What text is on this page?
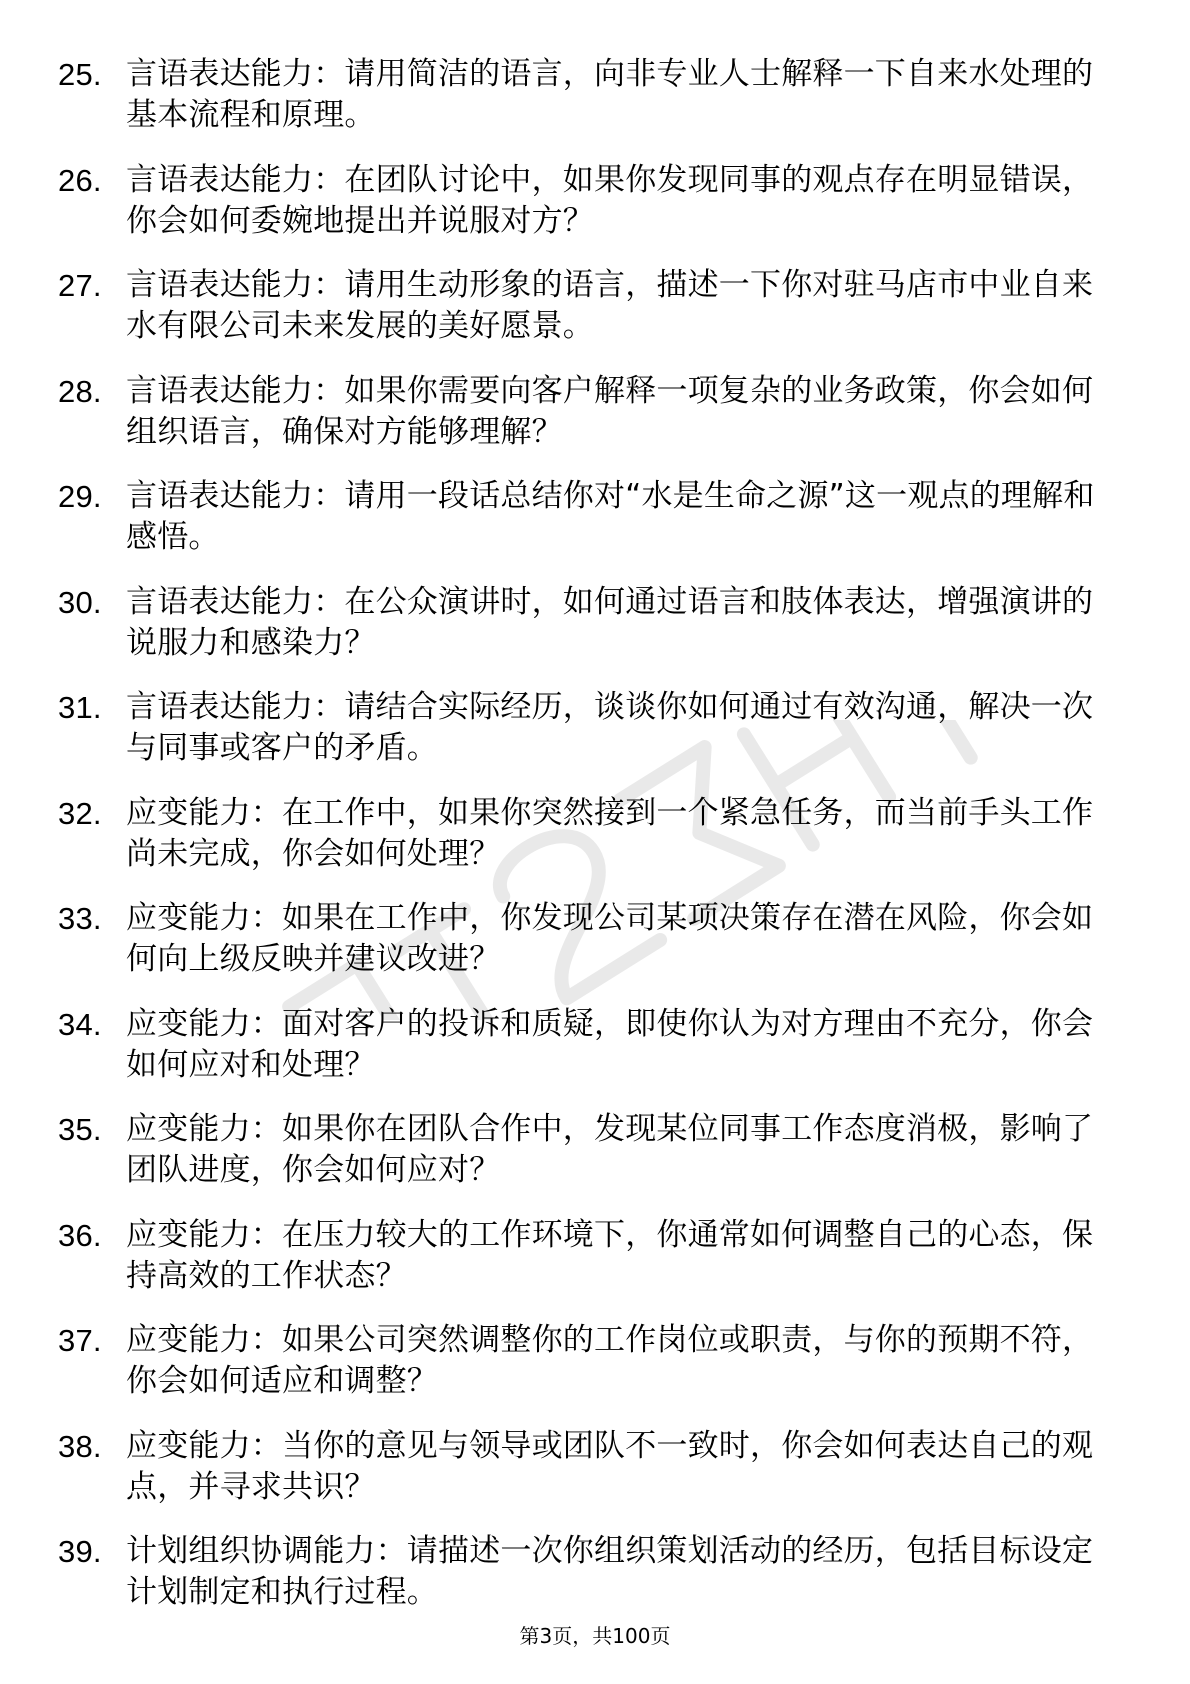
25. 言语表达能力：请用简洁的语言，向非专业人士解释一下自来水处理的基本流程和原理。
26. 言语表达能力：在团队讨论中，如果你发现同事的观点存在明显错误，你会如何委婉地提出并说服对方？
27. 言语表达能力：请用生动形象的语言，描述一下你对驻马店市中业自来水有限公司未来发展的美好愿景。
28. 言语表达能力：如果你需要向客户解释一项复杂的业务政策，你会如何组织语言，确保对方能够理解？
29. 言语表达能力：请用一段话总结你对“水是生命之源”这一观点的理解和感悟。
30. 言语表达能力：在公众演讲时，如何通过语言和肢体表达，增强演讲的说服力和感染力？
31. 言语表达能力：请结合实际经历，谈谈你如何通过有效沟通，解决一次与同事或客户的矛盾。
32. 应变能力：在工作中，如果你突然接到一个紧急任务，而当前手头工作尚未完成，你会如何处理？
33. 应变能力：如果在工作中，你发现公司某项决策存在潜在风险，你会如何向上级反映并建议改进？
34. 应变能力：面对客户的投诉和质疑，即使你认为对方理由不充分，你会如何应对和处理？
35. 应变能力：如果你在团队合作中，发现某位同事工作态度消极，影响了团队进度，你会如何应对？
36. 应变能力：在压力较大的工作环境下，你通常如何调整自己的心态，保持高效的工作状态？
37. 应变能力：如果公司突然调整你的工作岗位或职责，与你的预期不符，你会如何适应和调整？
38. 应变能力：当你的意见与领导或团队不一致时，你会如何表达自己的观点，并寻求共识？
39. 计划组织协调能力：请描述一次你组织策划活动的经历，包括目标设定计划制定和执行过程。
第3页，共100页
